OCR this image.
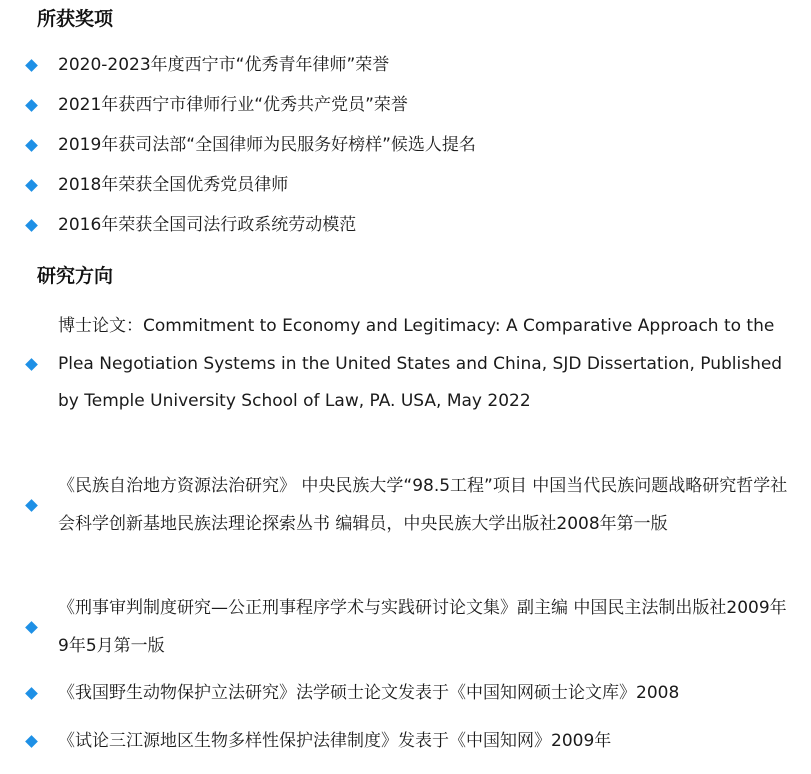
所获奖项
2020-2023年度西宁市“优秀青年律师”荣誉
2021年获西宁市律师行业“优秀共产党员”荣誉
2019年获司法部“全国律师为民服务好榜样”候选人提名
2018年荣获全国优秀党员律师
2016年荣获全国司法行政系统劳动模范
研究方向
博士论文：Commitment to Economy and Legitimacy: A Comparative Approach to the Plea Negotiation Systems in the United States and China, SJD Dissertation, Published by Temple University School of Law, PA. USA, May 2022
《民族自治地方资源法治研究》 中央民族大学“98.5工程”项目 中国当代民族问题战略研究哲学社会科学创新基地民族法理论探索丛书 编辑员，中央民族大学出版社2008年第一版
《刑事审判制度研究—公正刑事程序学术与实践研讨论文集》副主编 中国民主法制出版社2009年9年5月第一版
《我国野生动物保护立法研究》法学硕士论文发表于《中国知网硕士论文库》2008
《试论三江源地区生物多样性保护法律制度》发表于《中国知网》2009年
